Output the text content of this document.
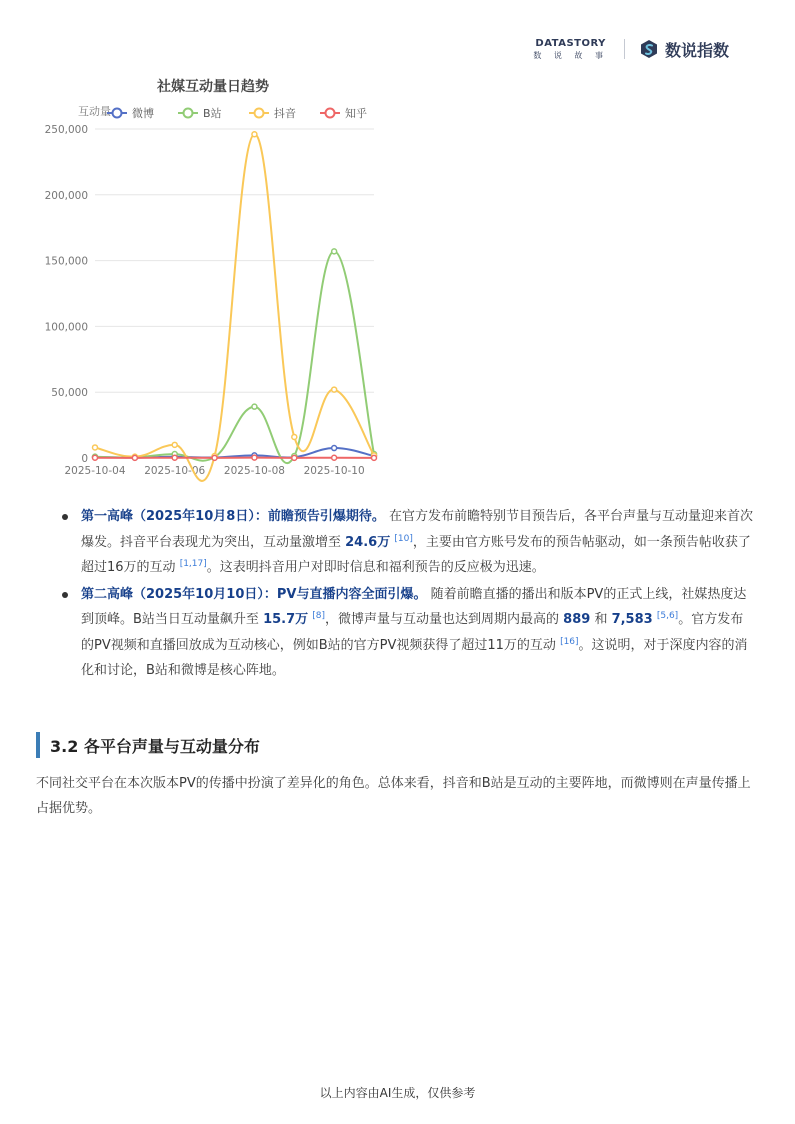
DATASTORY
数 说 故 事	数说指数
社媒互动量日趋势
互动量 微博	B站	抖音	知乎
250,000
200,000
150,000
100,000
50,000
0
2025-10-04 2025-10-06 2025-10-08 2025-10-10
第一高峰（2025年10月8日）：前瞻预告引爆期待。 在官方发布前瞻特别节目预告后，各平台声量与互动量迎来首次爆发。抖音平台表现尤为突出，互动量激增至 24.6万 [10]，主要由官方账号发布的预告帖驱动，如一条预告帖收获了超过16万的互动 [1,17]。这表明抖音用户对即时信息和福利预告的反应极为迅速。
第二高峰（2025年10月10日）：PV与直播内容全面引爆。 随着前瞻直播的播出和版本PV的正式上线，社媒热度达到顶峰。B站当日互动量飙升至 15.7万 [8]，微博声量与互动量也达到周期内最高的 889 和 7,583 [5,6]。官方发布的PV视频和直播回放成为互动核心，例如B站的官方PV视频获得了超过11万的互动 [16]。这说明，对于深度内容的消化和讨论，B站和微博是核心阵地。
3.2 各平台声量与互动量分布

不同社交平台在本次版本PV的传播中扮演了差异化的角色。总体来看，抖音和B站是互动的主要阵地，而微博则在声量传播上占据优势。

以上内容由AI生成，仅供参考
